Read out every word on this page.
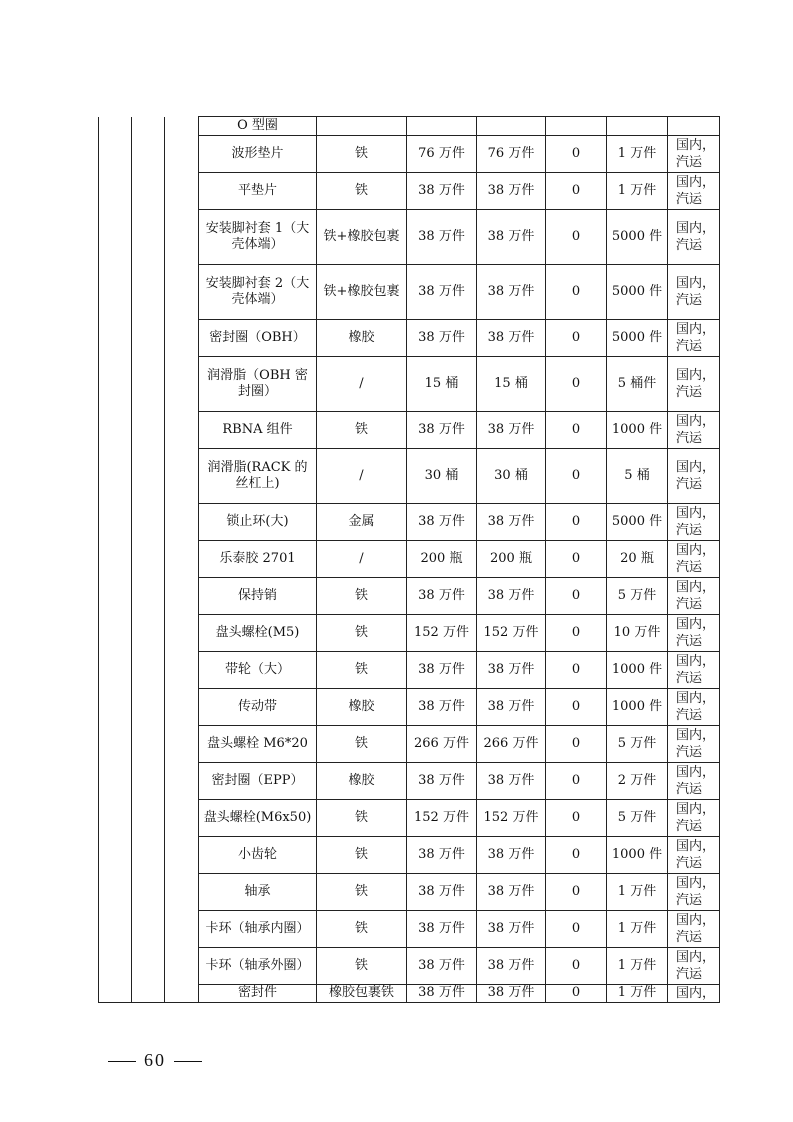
			O 型圈						
			波形垫片	铁	76 万件	76 万件	0	1 万件	国内，汽运
			平垫片	铁	38 万件	38 万件	0	1 万件	国内，汽运
			安装脚衬套 1（大壳体端）	铁+橡胶包裹	38 万件	38 万件	0	5000 件	国内，汽运
			安装脚衬套 2（大壳体端）	铁+橡胶包裹	38 万件	38 万件	0	5000 件	国内，汽运
			密封圈（OBH）	橡胶	38 万件	38 万件	0	5000 件	国内，汽运
			润滑脂（OBH 密封圈）	/	15 桶	15 桶	0	5 桶件	国内，汽运
			RBNA 组件	铁	38 万件	38 万件	0	1000 件	国内，汽运
			润滑脂(RACK 的丝杠上)	/	30 桶	30 桶	0	5 桶	国内，汽运
			锁止环(大)	金属	38 万件	38 万件	0	5000 件	国内，汽运
			乐泰胶 2701	/	200 瓶	200 瓶	0	20 瓶	国内，汽运
			保持销	铁	38 万件	38 万件	0	5 万件	国内，汽运
			盘头螺栓(M5)	铁	152 万件	152 万件	0	10 万件	国内，汽运
			带轮（大）	铁	38 万件	38 万件	0	1000 件	国内，汽运
			传动带	橡胶	38 万件	38 万件	0	1000 件	国内，汽运
			盘头螺栓 M6*20	铁	266 万件	266 万件	0	5 万件	国内，汽运
			密封圈（EPP）	橡胶	38 万件	38 万件	0	2 万件	国内，汽运
			盘头螺栓(M6x50)	铁	152 万件	152 万件	0	5 万件	国内，汽运
			小齿轮	铁	38 万件	38 万件	0	1000 件	国内，汽运
			轴承	铁	38 万件	38 万件	0	1 万件	国内，汽运
			卡环（轴承内圈）	铁	38 万件	38 万件	0	1 万件	国内，汽运
			卡环（轴承外圈）	铁	38 万件	38 万件	0	1 万件	国内，汽运
			密封件	橡胶包裹铁	38 万件	38 万件	0	1 万件	国内，
60
